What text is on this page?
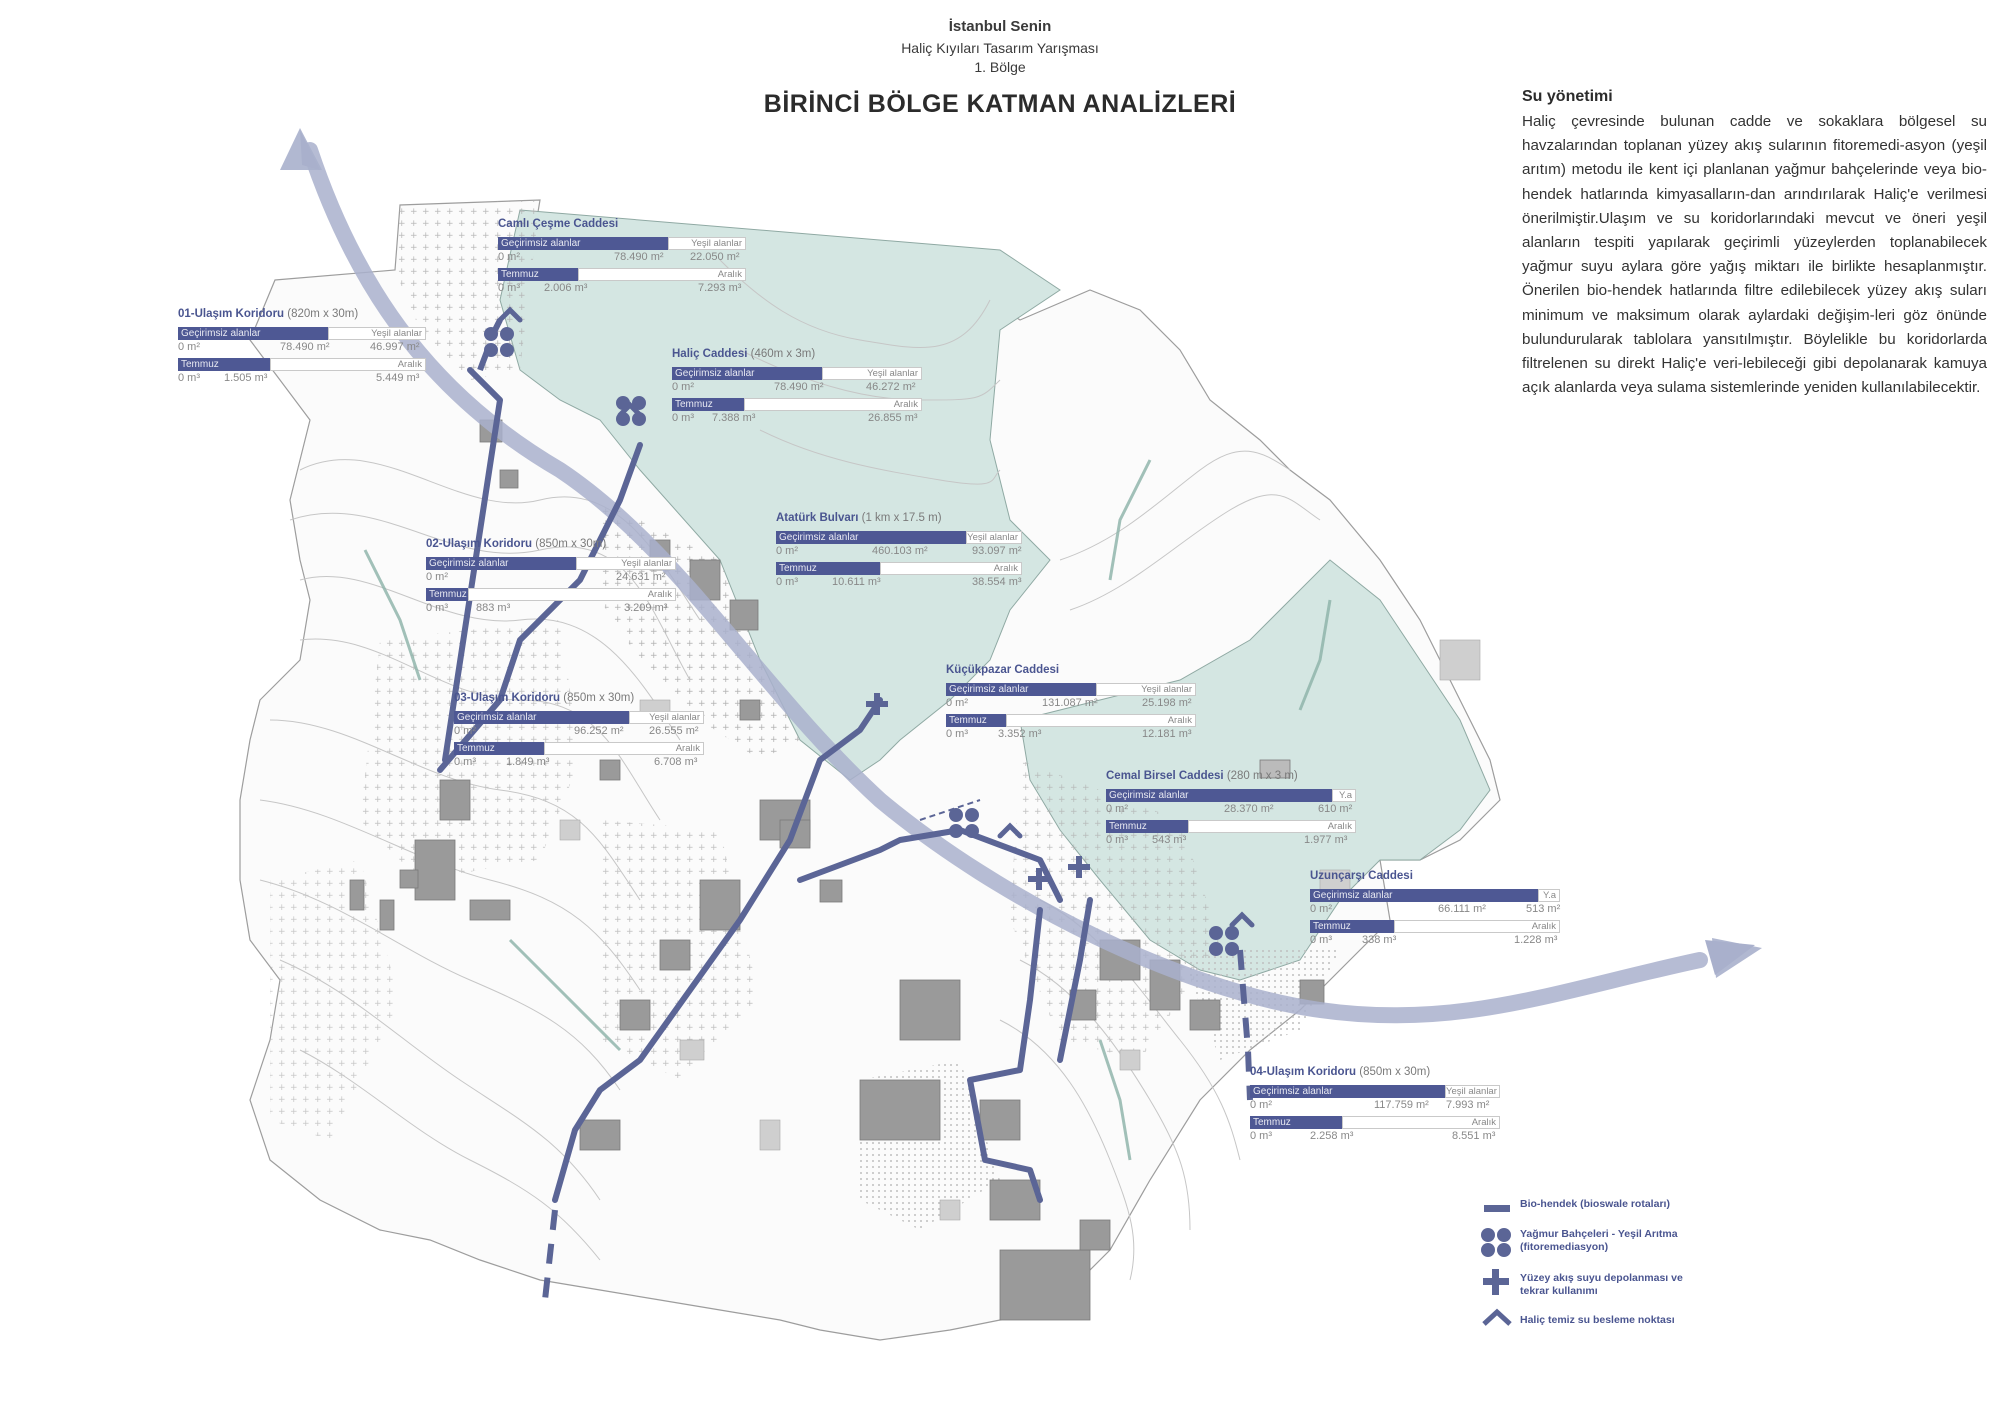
İstanbul Senin
Haliç Kıyıları Tasarım Yarışması
1. Bölge
BİRİNCİ BÖLGE KATMAN ANALİZLERİ	Su yönetimi

Haliç çevresinde bulunan cadde ve sokaklara bölgesel su havzalarından toplanan yüzey akış sularının fitoremedi-asyon (yeşil arıtım) metodu ile kent içi planlanan yağmur bahçelerinde veya bio-hendek hatlarında kimyasalların-dan arındırılarak Haliç'e verilmesi önerilmiştir.Ulaşım ve su koridorlarındaki mevcut ve öneri yeşil alanların tespiti yapılarak geçirimli yüzeylerden toplanabilecek yağmur suyu aylara göre yağış miktarı ile birlikte hesaplanmıştır. Önerilen bio-hendek hatlarında filtre edilebilecek yüzey akış suları minimum ve maksimum olarak aylardaki değişim-leri göz önünde bulundurularak tablolara yansıtılmıştır. Böylelikle bu koridorlarda filtrelenen su direkt Haliç'e veri-lebileceği gibi depolanarak kamuya açık alanlarda veya sulama sistemlerinde yeniden kullanılabilecektir.

Camlı Çeşme Caddesi
Geçirimsiz alanlar	Yeşil alanlar
0 m²	78.490 m² 22.050 m²
Temmuz	Aralık
0 m³ 2.006 m³	7.293 m³
01-Ulaşım Koridoru (820m x 30m)
Geçirimsiz alanlar	Yeşil alanlar
0 m²	78.490 m²	46.997 m²
Temmuz	Aralık
0 m³ 1.505 m³	5.449 m³
Haliç Caddesi (460m x 3m)
Geçirimsiz alanlar	Yeşil alanlar
0 m²	78.490 m²	46.272 m²
Temmuz	Aralık
0 m³ 7.388 m³	26.855 m³
Atatürk Bulvarı (1 km x 17.5 m)
Geçirimsiz alanlar	Yeşil alanlar
0 m²	460.103 m²	93.097 m²
Temmuz	Aralık
0 m³	10.611 m³	38.554 m³
02-Ulaşım Koridoru (850m x 30m)
Geçirimsiz alanlar	Yeşil alanlar
0 m²	24.631 m²
Temmuz	Aralık
0 m³	883 m³	3.209 m³
03-Ulaşım Koridoru (850m x 30m)
Geçirimsiz alanlar	Yeşil alanlar
0 m²	96.252 m² 26.555 m²
Temmuz	Aralık
0 m³	1.849 m³	6.708 m³
Küçükpazar Caddesi
Geçirimsiz alanlar	Yeşil alanlar
0 m²	131.087 m²	25.198 m²
Temmuz	Aralık
0 m³	3.352 m³	12.181 m³
Cemal Birsel Caddesi (280 m x 3 m)
Geçirimsiz alanlar	Y.a
0 m²	28.370 m²	610 m²
Temmuz	Aralık
0 m³ 543 m³	1.977 m³
Uzunçarşı Caddesi
Geçirimsiz alanlar	Y.a
0 m²	66.111 m²	513 m²
Temmuz	Aralık
0 m³	338 m³	1.228 m³
04-Ulaşım Koridoru (850m x 30m)
Geçirimsiz alanlar	Yeşil alanlar
0 m²	117.759 m² 7.993 m²
Temmuz	Aralık
0 m³	2.258 m³	8.551 m³
Bio-hendek (bioswale rotaları)
Yağmur Bahçeleri - Yeşil Arıtma (fitoremediasyon)
Yüzey akış suyu depolanması ve tekrar kullanımı
Haliç temiz su besleme noktası
